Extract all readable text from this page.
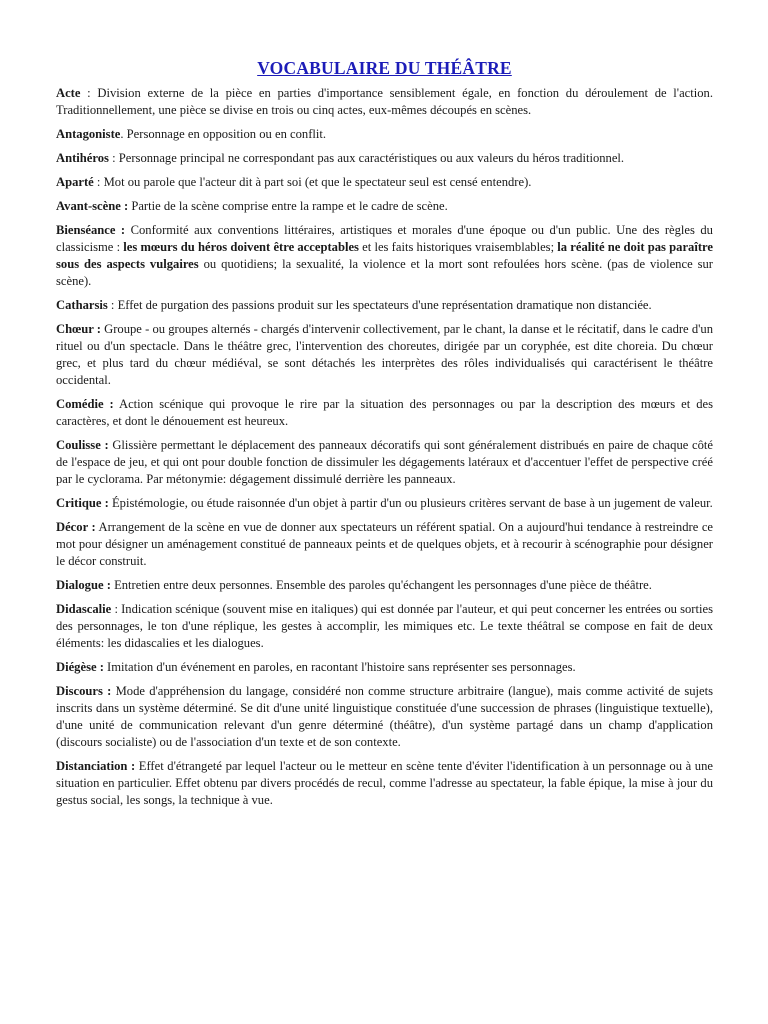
VOCABULAIRE DU THÉÂTRE

Acte : Division externe de la pièce en parties d'importance sensiblement égale, en fonction du déroulement de l'action. Traditionnellement, une pièce se divise en trois ou cinq actes, eux-mêmes découpés en scènes.

Antagoniste. Personnage en opposition ou en conflit.

Antihéros : Personnage principal ne correspondant pas aux caractéristiques ou aux valeurs du héros traditionnel.

Aparté : Mot ou parole que l'acteur dit à part soi (et que le spectateur seul est censé entendre).

Avant-scène : Partie de la scène comprise entre la rampe et le cadre de scène.

Bienséance : Conformité aux conventions littéraires, artistiques et morales d'une époque ou d'un public. Une des règles du classicisme : les mœurs du héros doivent être acceptables et les faits historiques vraisemblables; la réalité ne doit pas paraître sous des aspects vulgaires ou quotidiens; la sexualité, la violence et la mort sont refoulées hors scène. (pas de violence sur scène).

Catharsis : Effet de purgation des passions produit sur les spectateurs d'une représentation dramatique non distanciée.

Chœur : Groupe - ou groupes alternés - chargés d'intervenir collectivement, par le chant, la danse et le récitatif, dans le cadre d'un rituel ou d'un spectacle. Dans le théâtre grec, l'intervention des choreutes, dirigée par un coryphée, est dite choreia. Du chœur grec, et plus tard du chœur médiéval, se sont détachés les interprètes des rôles individualisés qui caractérisent le théâtre occidental.

Comédie : Action scénique qui provoque le rire par la situation des personnages ou par la description des mœurs et des caractères, et dont le dénouement est heureux.

Coulisse : Glissière permettant le déplacement des panneaux décoratifs qui sont généralement distribués en paire de chaque côté de l'espace de jeu, et qui ont pour double fonction de dissimuler les dégagements latéraux et d'accentuer l'effet de perspective créé par le cyclorama. Par métonymie: dégagement dissimulé derrière les panneaux.

Critique : Épistémologie, ou étude raisonnée d'un objet à partir d'un ou plusieurs critères servant de base à un jugement de valeur.

Décor : Arrangement de la scène en vue de donner aux spectateurs un référent spatial. On a aujourd'hui tendance à restreindre ce mot pour désigner un aménagement constitué de panneaux peints et de quelques objets, et à recourir à scénographie pour désigner le décor construit.

Dialogue : Entretien entre deux personnes. Ensemble des paroles qu'échangent les personnages d'une pièce de théâtre.

Didascalie : Indication scénique (souvent mise en italiques) qui est donnée par l'auteur, et qui peut concerner les entrées ou sorties des personnages, le ton d'une réplique, les gestes à accomplir, les mimiques etc. Le texte théâtral se compose en fait de deux éléments: les didascalies et les dialogues.

Diégèse : Imitation d'un événement en paroles, en racontant l'histoire sans représenter ses personnages.

Discours : Mode d'appréhension du langage, considéré non comme structure arbitraire (langue), mais comme activité de sujets inscrits dans un système déterminé. Se dit d'une unité linguistique constituée d'une succession de phrases (linguistique textuelle), d'une unité de communication relevant d'un genre déterminé (théâtre), d'un système partagé dans un champ d'application (discours socialiste) ou de l'association d'un texte et de son contexte.

Distanciation : Effet d'étrangeté par lequel l'acteur ou le metteur en scène tente d'éviter l'identification à un personnage ou à une situation en particulier. Effet obtenu par divers procédés de recul, comme l'adresse au spectateur, la fable épique, la mise à jour du gestus social, les songs, la technique à vue.
